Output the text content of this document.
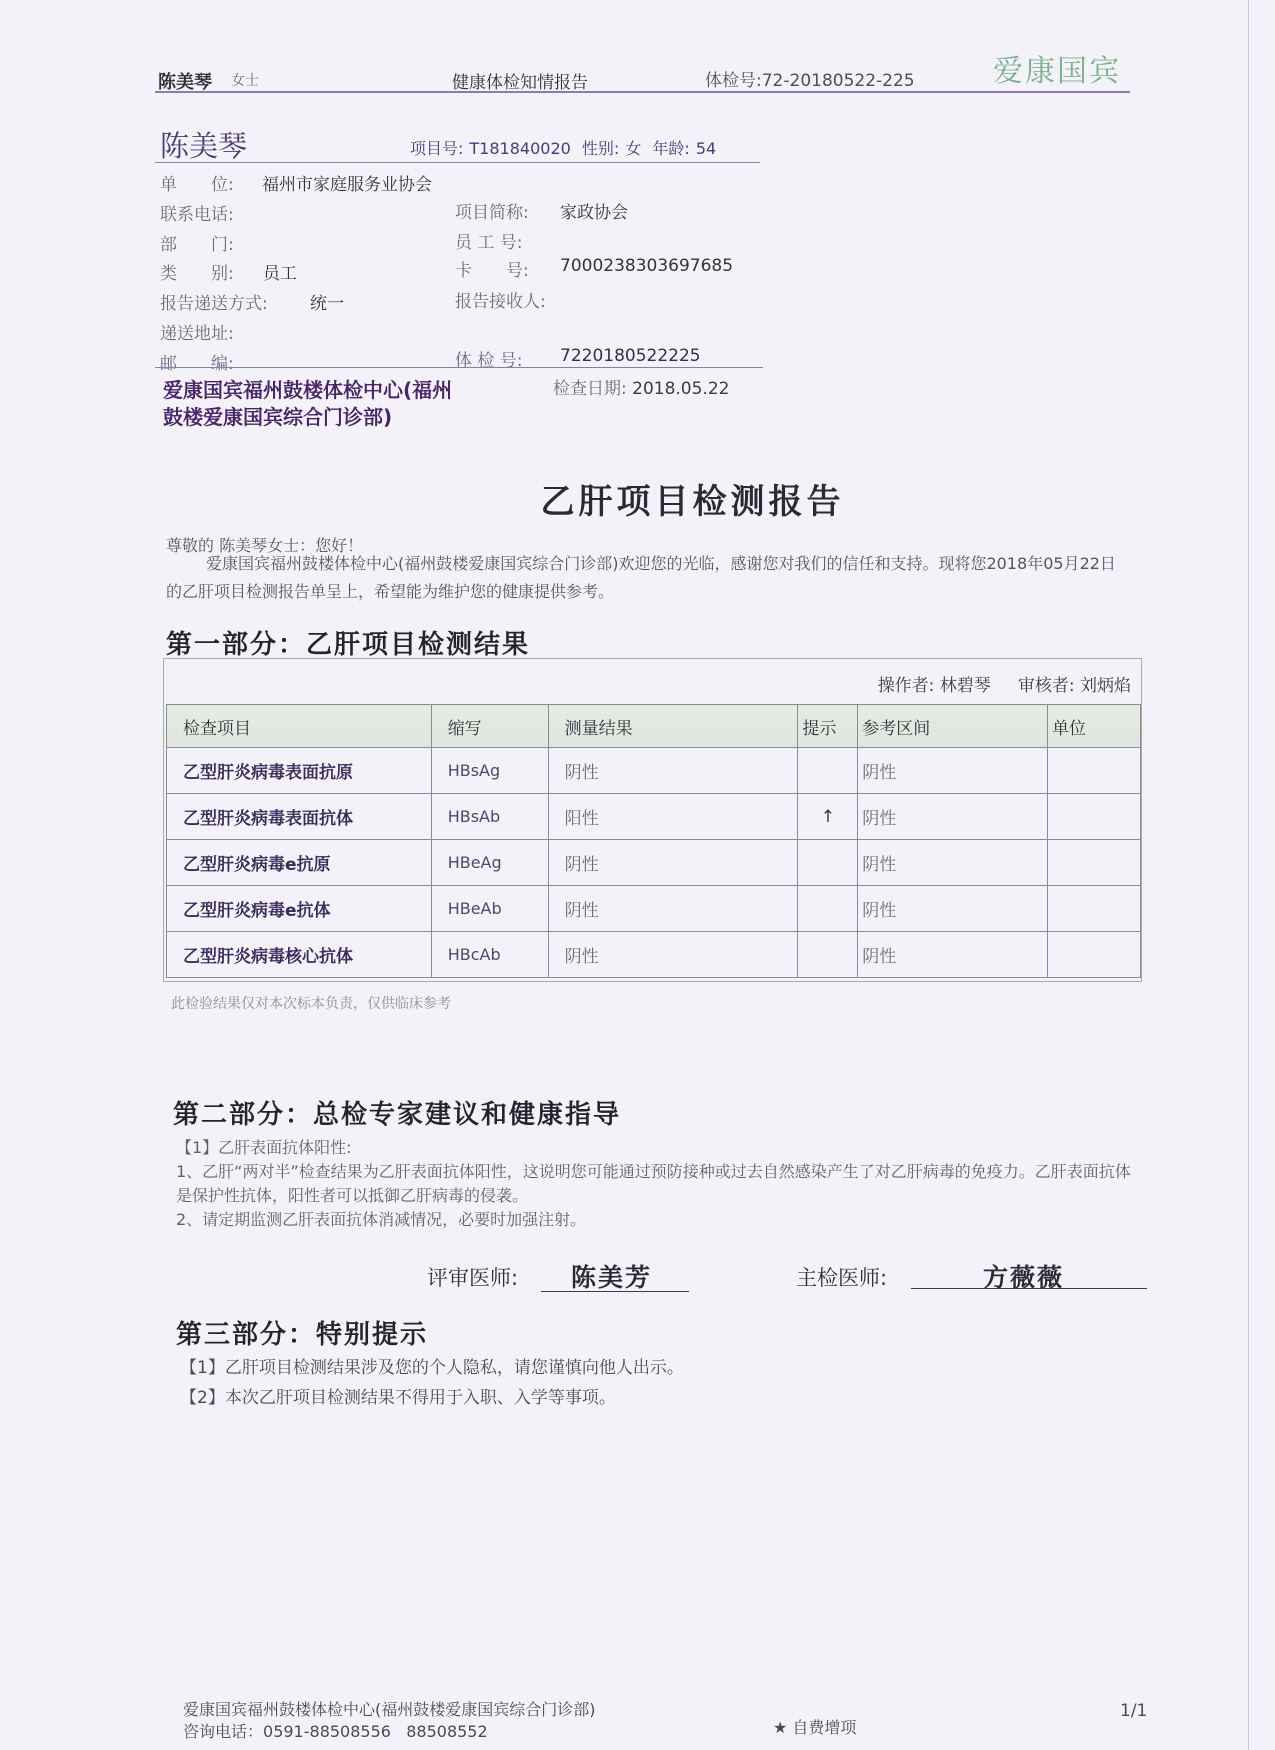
陈美琴 女士	健康体检知情报告	体检号:72-20180522-225	爱康国宾
陈美琴	项目号: T181840020 性别: 女 年龄: 54
单　　位: 福州市家庭服务业协会
联系电话:	项目简称: 家政协会
部　　门:	员 工 号:
类　　别: 员工	卡　　号: 7000238303697685
报告递送方式: 统一	报告接收人:
递送地址:
邮　　编:	体 检 号: 7220180522225
爱康国宾福州鼓楼体检中心(福州鼓楼爱康国宾综合门诊部)
检查日期: 2018.05.22
乙肝项目检测报告
尊敬的 陈美琴女士：您好！
爱康国宾福州鼓楼体检中心(福州鼓楼爱康国宾综合门诊部)欢迎您的光临，感谢您对我们的信任和支持。现将您2018年05月22日的乙肝项目检测报告单呈上，希望能为维护您的健康提供参考。
第一部分：乙肝项目检测结果
操作者: 林碧琴 审核者: 刘炳焰
检查项目	缩写	测量结果	提示	参考区间	单位
乙型肝炎病毒表面抗原	HBsAg	阴性		阴性	
乙型肝炎病毒表面抗体	HBsAb	阳性	↑	阴性	
乙型肝炎病毒e抗原	HBeAg	阴性		阴性	
乙型肝炎病毒e抗体	HBeAb	阴性		阴性	
乙型肝炎病毒核心抗体	HBcAb	阴性		阴性	
此检验结果仅对本次标本负责，仅供临床参考
第二部分：总检专家建议和健康指导
【1】乙肝表面抗体阳性:
1、乙肝“两对半”检查结果为乙肝表面抗体阳性，这说明您可能通过预防接种或过去自然感染产生了对乙肝病毒的免疫力。乙肝表面抗体是保护性抗体，阳性者可以抵御乙肝病毒的侵袭。
2、请定期监测乙肝表面抗体消减情况，必要时加强注射。
评审医师: 陈美芳	主检医师:	方薇薇
第三部分：特别提示
【1】乙肝项目检测结果涉及您的个人隐私，请您谨慎向他人出示。
【2】本次乙肝项目检测结果不得用于入职、入学等事项。
爱康国宾福州鼓楼体检中心(福州鼓楼爱康国宾综合门诊部)
咨询电话：0591-88508556 88508552	★ 自费增项
1/1
